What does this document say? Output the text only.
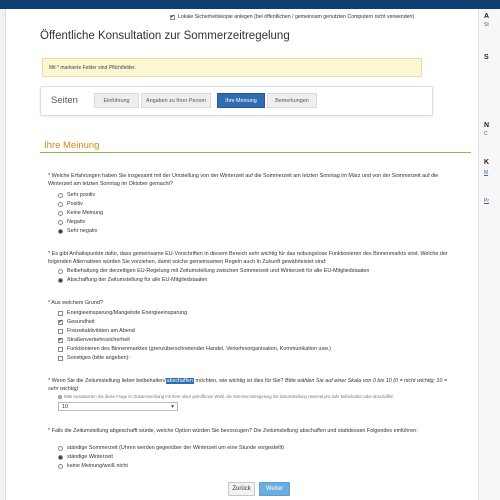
A
St
S
N
C
K
M
Pr
✔ Lokale Sicherheitskopie anlegen (bei öffentlichen / gemeinsam genutzten Computern nicht verwenden)
Öffentliche Konsultation zur Sommerzeitregelung
Mit * markierte Felder sind Pflichtfelder.
Seiten	Einführung	Angaben zu Ihrer Person	Ihre Meinung	Bemerkungen
Ihre Meinung
* Welche Erfahrungen haben Sie insgesamt mit der Umstellung von der Winterzeit auf die Sommerzeit am letzten Sonntag im März und von der Sommerzeit auf die Winterzeit am letzten Sonntag im Oktober gemacht?
Sehr positiv
Positiv
Keine Meinung
Negativ
Sehr negativ
* Es gibt Anhaltspunkte dafür, dass gemeinsame EU-Vorschriften in diesem Bereich sehr wichtig für das reibungslose Funktionieren des Binnenmarkts sind. Welche der folgenden Alternativen würden Sie vorziehen, damit solche gemeinsamen Regeln auch in Zukunft gewährleistet sind:
Beibehaltung der derzeitigen EU-Regelung mit Zeitumstellung zwischen Sommerzeit und Winterzeit für alle EU-Mitgliedstaaten
Abschaffung der Zeitumstellung für alle EU-Mitgliedstaaten
* Aus welchem Grund?
Energieeinsparung/Mangelnde Energieeinsparung
✔ Gesundheit
Freizeitaktivitäten am Abend
✔ Straßenverkehrssicherheit
Funktionieren des Binnenmarktes (grenzüberschreitender Handel, Verkehrsorganisation, Kommunikation usw.)
Sonstiges (bitte angeben):
* Wenn Sie die Zeitumstellung lieber beibehalten/abschaffen möchten, wie wichtig ist dies für Sie? Bitte wählen Sie auf einer Skala von 0 bis 10 (0 = nicht wichtig; 10 = sehr wichtig)
i Bitte beantworten Sie diese Frage im Zusammenhang mit Ihrer oben getroffenen Wahl, die Sommerzeitregelung mit Zeitumstellung zweimal pro Jahr beibehalten oder abschaffen
10	▾
* Falls die Zeitumstellung abgeschafft würde, welche Option würden Sie bevorzugen? Die Zeitumstellung abschaffen und stattdessen Folgendes einführen:
ständige Sommerzeit (Uhren werden gegenüber der Winterzeit um eine Stunde vorgestellt)
ständige Winterzeit
keine Meinung/weiß nicht
Zurück	Weiter
